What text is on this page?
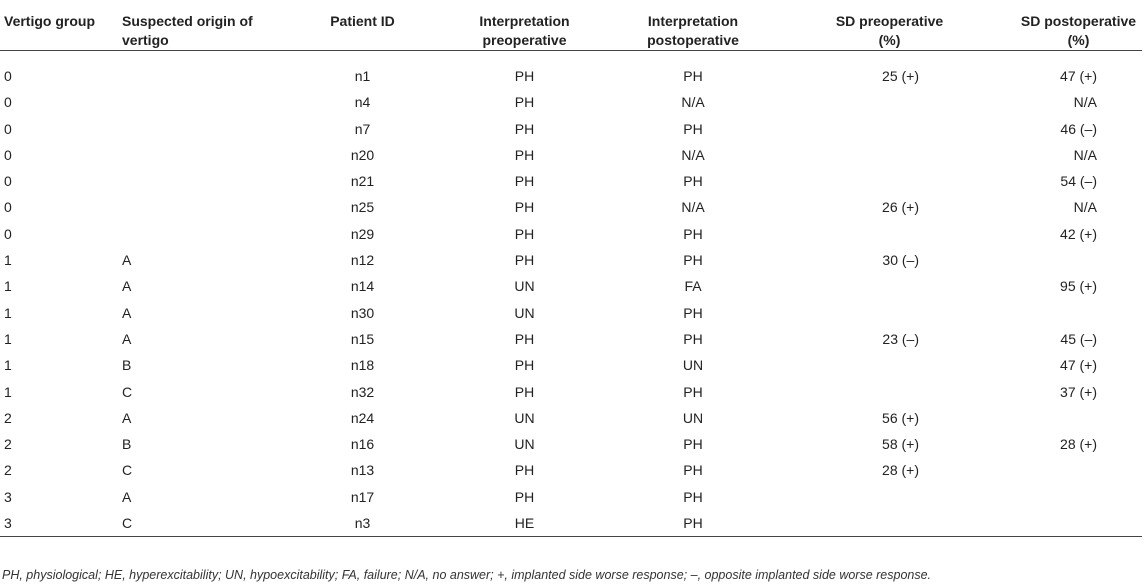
Vertigo group	Suspected origin of vertigo	Patient ID	Interpretation preoperative	Interpretation postoperative	SD preoperative (%)	SD postoperative (%)

0		n1	PH	PH	25 (+)	47 (+)
0		n4	PH	N/A		N/A
0		n7	PH	PH		46 (–)
0		n20	PH	N/A		N/A
0		n21	PH	PH		54 (–)
0		n25	PH	N/A	26 (+)	N/A
0		n29	PH	PH		42 (+)
1	A	n12	PH	PH	30 (–)	
1	A	n14	UN	FA		95 (+)
1	A	n30	UN	PH		
1	A	n15	PH	PH	23 (–)	45 (–)
1	B	n18	PH	UN		47 (+)
1	C	n32	PH	PH		37 (+)
2	A	n24	UN	UN	56 (+)	
2	B	n16	UN	PH	58 (+)	28 (+)
2	C	n13	PH	PH	28 (+)	
3	A	n17	PH	PH		
3	C	n3	HE	PH		
PH, physiological; HE, hyperexcitability; UN, hypoexcitability; FA, failure; N/A, no answer; +, implanted side worse response; –, opposite implanted side worse response.
